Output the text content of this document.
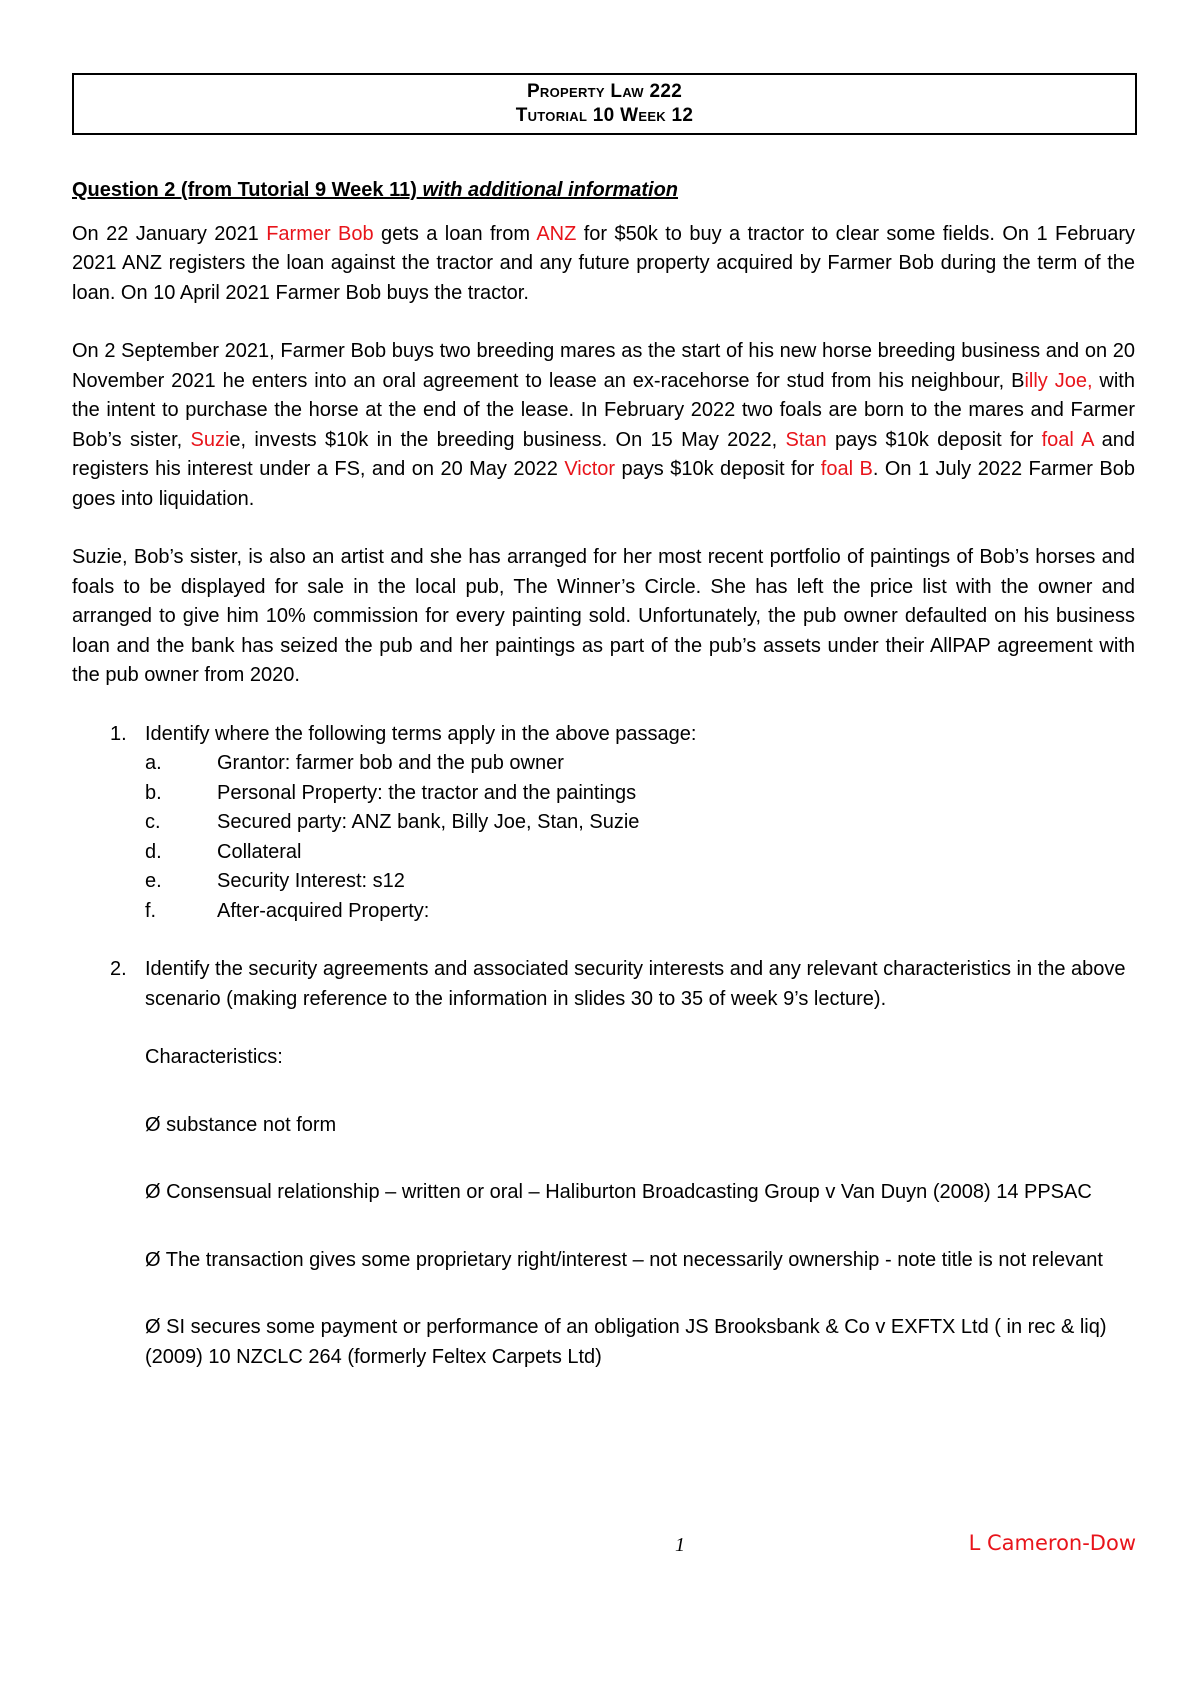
Property Law 222
Tutorial 10 Week 12
Question 2 (from Tutorial 9 Week 11) with additional information

On 22 January 2021 Farmer Bob gets a loan from ANZ for $50k to buy a tractor to clear some fields. On 1 February 2021 ANZ registers the loan against the tractor and any future property acquired by Farmer Bob during the term of the loan. On 10 April 2021 Farmer Bob buys the tractor.

On 2 September 2021, Farmer Bob buys two breeding mares as the start of his new horse breeding business and on 20 November 2021 he enters into an oral agreement to lease an ex-racehorse for stud from his neighbour, Billy Joe, with the intent to purchase the horse at the end of the lease. In February 2022 two foals are born to the mares and Farmer Bob’s sister, Suzie, invests $10k in the breeding business. On 15 May 2022, Stan pays $10k deposit for foal A and registers his interest under a FS, and on 20 May 2022 Victor pays $10k deposit for foal B. On 1 July 2022 Farmer Bob goes into liquidation.

Suzie, Bob’s sister, is also an artist and she has arranged for her most recent portfolio of paintings of Bob’s horses and foals to be displayed for sale in the local pub, The Winner’s Circle. She has left the price list with the owner and arranged to give him 10% commission for every painting sold. Unfortunately, the pub owner defaulted on his business loan and the bank has seized the pub and her paintings as part of the pub’s assets under their AllPAP agreement with the pub owner from 2020.

1. Identify where the following terms apply in the above passage:
a.	Grantor: farmer bob and the pub owner
b.	Personal Property: the tractor and the paintings
c.	Secured party: ANZ bank, Billy Joe, Stan, Suzie
d.	Collateral
e.	Security Interest: s12
f.	After-acquired Property:
2. Identify the security agreements and associated security interests and any relevant characteristics in the above scenario (making reference to the information in slides 30 to 35 of week 9’s lecture).

Characteristics:

Ø substance not form

Ø Consensual relationship – written or oral – Haliburton Broadcasting Group v Van Duyn (2008) 14 PPSAC

Ø The transaction gives some proprietary right/interest – not necessarily ownership - note title is not relevant

Ø SI secures some payment or performance of an obligation JS Brooksbank & Co v EXFTX Ltd ( in rec & liq) (2009) 10 NZCLC 264 (formerly Feltex Carpets Ltd)

1	L Cameron-Dow
